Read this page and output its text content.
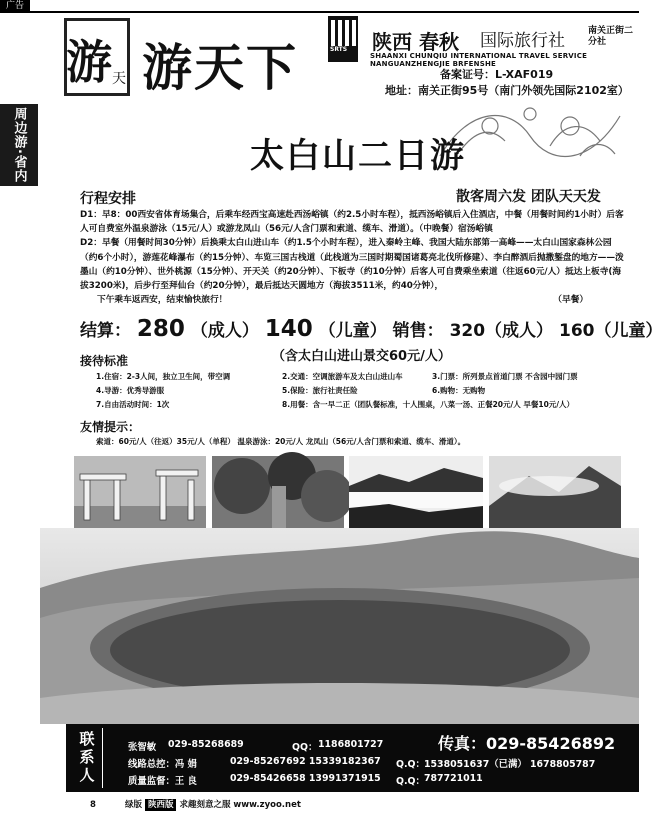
广告
游 天 游天下	SRTS 陕西 春秋 国际旅行社	南关正街二分社
SHAANXI CHUNQIU INTERNATIONAL TRAVEL SERVICE NANGUANZHENGJIE BRFENSHE
备案证号：L-XAF019
地址：南关正街95号（南门外领先国际2102室）
周边游·省内	太白山二日游
散客周六发 团队天天发
行程安排

D1：早8：00西安省体育场集合，后乘车经西宝高速赴西汤峪镇（约2.5小时车程），抵西汤峪镇后入住酒店，中餐（用餐时间约1小时）后客人可自费室外温泉游泳（15元/人）或游龙凤山（56元/人含门票和索道、缆车、滑道）。（中晚餐）宿汤峪镇

D2：早餐（用餐时间30分钟）后换乘太白山进山车（约1.5个小时车程），进入秦岭主峰、我国大陆东部第一高峰——太白山国家森林公园（约6个小时），游莲花峰瀑布（约15分钟）、车览三国古栈道（此栈道为三国时期蜀国诸葛亮北伐所修建）、李白醉酒后抛撒錾盘的地方——泼墨山（约10分钟）、世外桃源（15分钟）、开天关（约20分钟）、下板寺（约10分钟）后客人可自费乘坐索道（往返60元/人）抵达上板寺(海拔3200米)，后步行至拜仙台（约20分钟），最后抵达天圆地方（海拔3511米，约40分钟），

下午乘车返西安，结束愉快旅行！	（早餐）

结算： 280 （成人） 140 （儿童） 销售： 320（成人） 160（儿童）
（含太白山进山景交60元/人）
接待标准
1.住宿：2-3人间，独立卫生间，带空调	2.交通：空调旅游车及太白山进山车	3.门票：所列景点首道门票 不含园中园门票
4.导游：优秀导游服	5.保险：旅行社责任险	6.购物：无购物
7.自由活动时间：1次	8.用餐：含一早二正（团队餐标准，十人围桌，八菜一汤、正餐20元/人 早餐10元/人）
友情提示：
索道：60元/人（往返）35元/人（单程） 温泉游泳：20元/人 龙凤山（56元/人含门票和索道、缆车、滑道）。
联系人
张智敏 029-85268689	QQ： 1186801727	传真：029-85426892
线路总控：冯 娟	029-85267692 15339182367 Q.Q： 1538051637（已满） 1678805787
质量监督：王 良	029-85426658 13991371915 Q.Q： 787721011
8	绿版 陕西版 求趣刻意之服 www.zyoo.net
